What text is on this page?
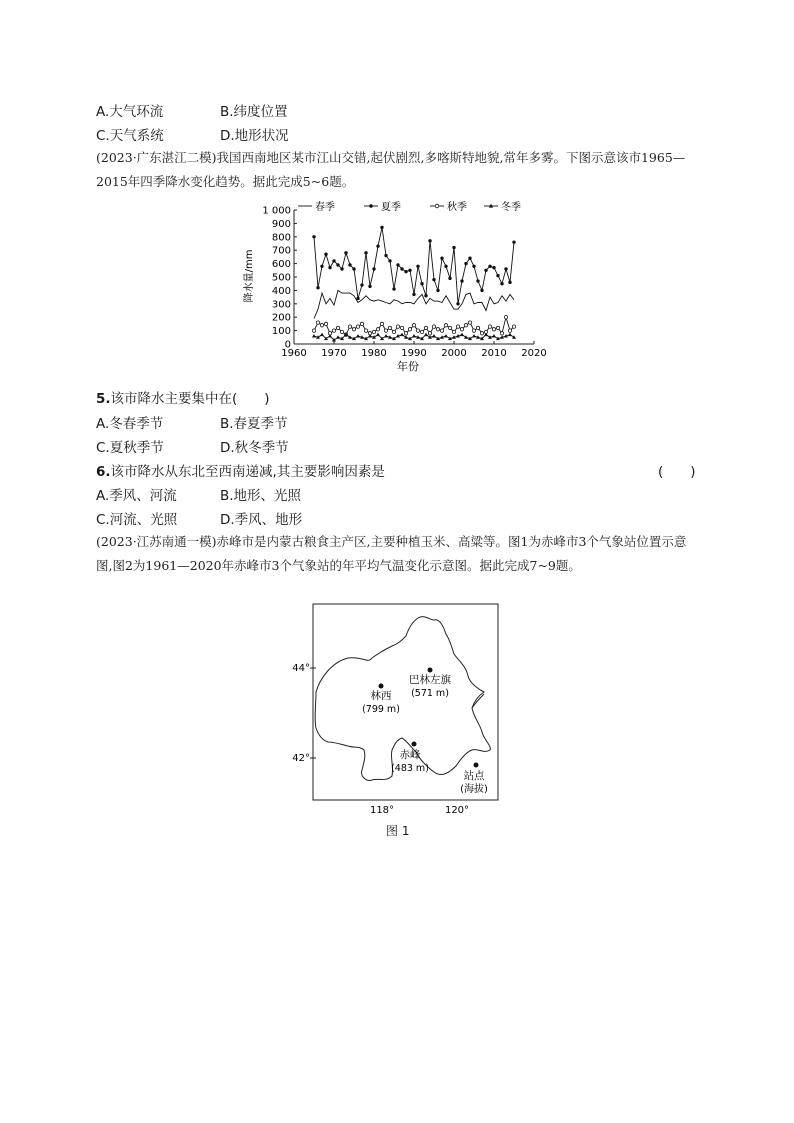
A.大气环流	B.纬度位置
C.天气系统	D.地形状况
(2023·广东湛江二模)我国西南地区某市江山交错,起伏剧烈,多喀斯特地貌,常年多雾。下图示意该市1965—2015年四季降水变化趋势。据此完成5~6题。
0
100
200
300
400
500
600
700
800
900
1 000
1960 1970 1980 1990 2000 2010 2020
春季	夏季	秋季	冬季
降水量/mm
年份
5.该市降水主要集中在(　　)
A.冬春季节	B.春夏季节
C.夏秋季节	D.秋冬季节
6.该市降水从东北至西南递减,其主要影响因素是	(　　)
A.季风、河流	B.地形、光照
C.河流、光照	D.季风、地形
(2023·江苏南通一模)赤峰市是内蒙古粮食主产区,主要种植玉米、高粱等。图1为赤峰市3个气象站位置示意图,图2为1961—2020年赤峰市3个气象站的年平均气温变化示意图。据此完成7~9题。
44°
42°
118°	120°
巴林左旗
(571 m)
林西
(799 m)
赤峰
(483 m)
站点
(海拔)
图 1
